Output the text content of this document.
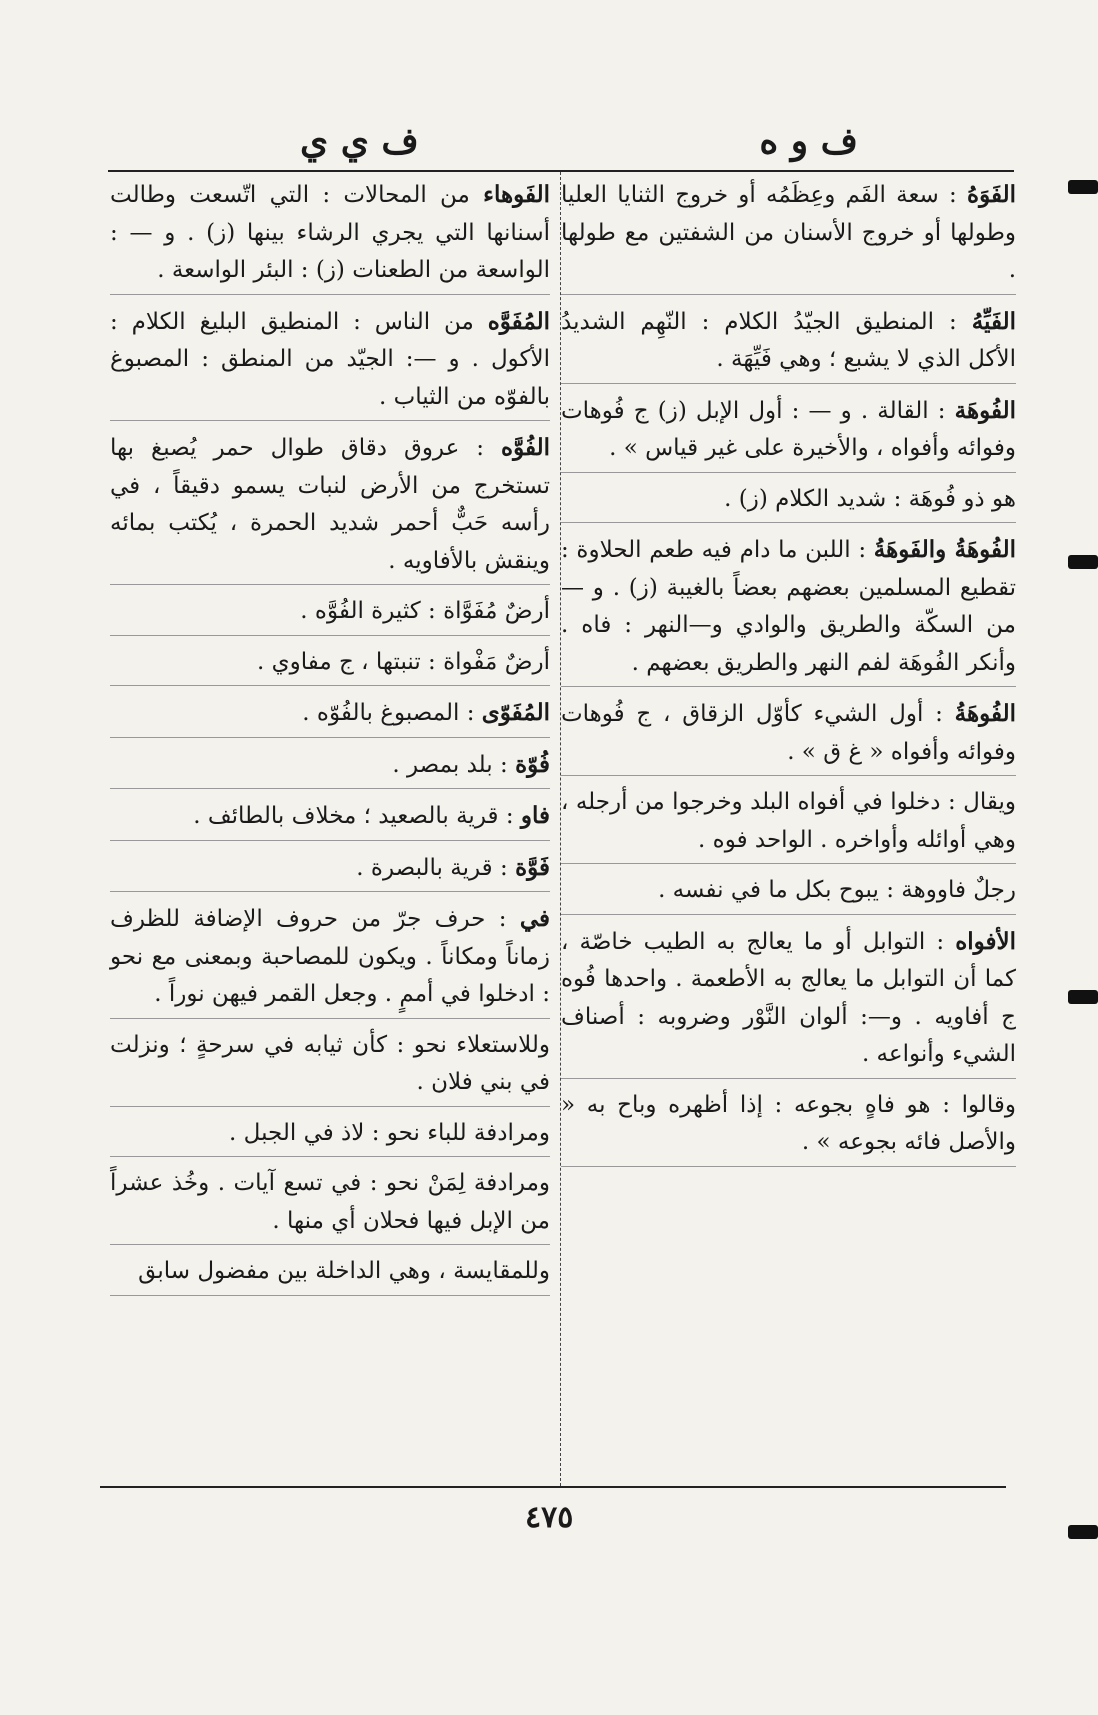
ف و ه
ف ي ي

الفَوَهُ : سعة الفَم وعِظَمُه أو خروج الثنايا العليا وطولها أو خروج الأسنان من الشفتين مع طولها .

الفَيِّهُ : المنطيق الجيّدُ الكلام : النّهِم الشديدُ الأكل الذي لا يشبع ؛ وهي فَيِّهَة .

الفُوهَة : القالة . و — : أول الإبل (ز) ج فُوهات وفوائه وأفواه ، والأخيرة على غير قياس » .

هو ذو فُوهَة : شديد الكلام (ز) .

الفُوهَةُ والفَوهَةُ : اللبن ما دام فيه طعم الحلاوة : تقطيع المسلمين بعضهم بعضاً بالغيبة (ز) . و — من السكّة والطريق والوادي و—النهر : فاه . وأنكر الفُوهَة لفم النهر والطريق بعضهم .

الفُوهَةُ : أول الشيء كأوّل الزقاق ، ج فُوهات وفوائه وأفواه « غ ق » .

ويقال : دخلوا في أفواه البلد وخرجوا من أرجله ، وهي أوائله وأواخره . الواحد فوه .

رجلٌ فاووهة : يبوح بكل ما في نفسه .

الأفواه : التوابل أو ما يعالج به الطيب خاصّة ، كما أن التوابل ما يعالج به الأطعمة . واحدها فُوه ج أفاويه . و—: ألوان النَّوْر وضروبه : أصناف الشيء وأنواعه .

وقالوا : هو فاهٍ بجوعه : إذا أظهره وباح به « والأصل فائه بجوعه » .

الفَوهاء من المحالات : التي اتّسعت وطالت أسنانها التي يجري الرشاء بينها (ز) . و — : الواسعة من الطعنات (ز) : البئر الواسعة .

المُفَوَّه من الناس : المنطيق البليغ الكلام : الأكول . و —: الجيّد من المنطق : المصبوغ بالفوّه من الثياب .

الفُوَّه : عروق دقاق طوال حمر يُصبغ بها تستخرج من الأرض لنبات يسمو دقيقاً ، في رأسه حَبٌّ أحمر شديد الحمرة ، يُكتب بمائه وينقش بالأفاويه .

أرضٌ مُفَوَّاة : كثيرة الفُوَّه .

أرضٌ مَفْواة : تنبتها ، ج مفاوي .

المُفَوّى : المصبوغ بالفُوّه .

فُوّة : بلد بمصر .

فاو : قرية بالصعيد ؛ مخلاف بالطائف .

فَوَّة : قرية بالبصرة .

في : حرف جرّ من حروف الإضافة للظرف زماناً ومكاناً . ويكون للمصاحبة وبمعنى مع نحو : ادخلوا في أممٍ . وجعل القمر فيهن نوراً .

وللاستعلاء نحو : كأن ثيابه في سرحةٍ ؛ ونزلت في بني فلان .

ومرادفة للباء نحو : لاذ في الجبل .

ومرادفة لِمَنْ نحو : في تسع آيات . وخُذ عشراً من الإبل فيها فحلان أي منها .

وللمقايسة ، وهي الداخلة بين مفضول سابق

٤٧٥
